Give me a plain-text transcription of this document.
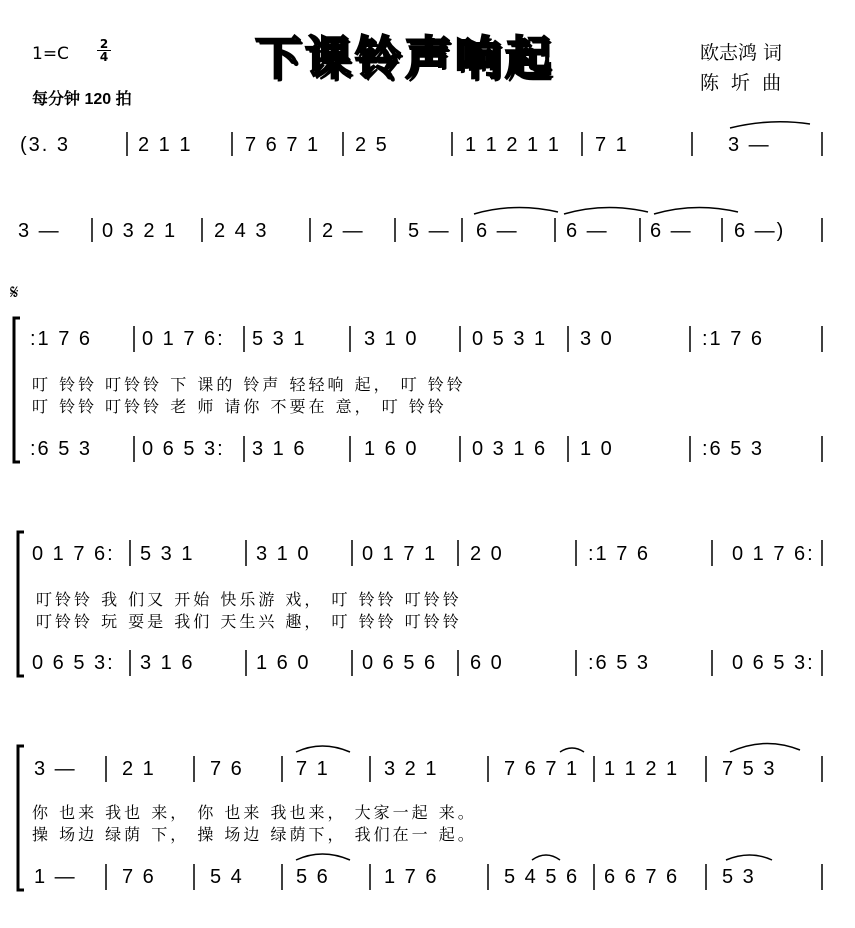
1=C	2
4
每分钟 120 拍
下课铃声响起	欧志鸿 词
陈 圻 曲
(3. 3	2 1 1	7 6 7 1 2 5	1 1 2 1 1 7 1	3 —
3 — 0 3 2 1 2 4 3	2 — 5 — 6 — 6 — 6 — 6 —)
𝄋
:1 7 6 0 1 7 6: 5 3 1	3 1 0	0 5 3 1 3 0	:1 7 6
叮 铃铃 叮铃铃 下 课的 铃声 轻轻响 起， 叮 铃铃
叮 铃铃 叮铃铃 老 师 请你 不要在 意， 叮 铃铃
:6 5 3 0 6 5 3: 3 1 6	1 6 0	0 3 1 6 1 0	:6 5 3
0 1 7 6: 5 3 1	3 1 0	0 1 7 1 2 0	:1 7 6	0 1 7 6:
叮铃铃 我 们又 开始 快乐游 戏， 叮 铃铃 叮铃铃
叮铃铃 玩 耍是 我们 天生兴 趣， 叮 铃铃 叮铃铃
0 6 5 3: 3 1 6	1 6 0	0 6 5 6 6 0	:6 5 3	0 6 5 3:
3 — 2 1	7 6	7 1	3 2 1	7 6 7 1 1 1 2 1 7 5 3
你 也来 我也 来， 你 也来 我也来， 大家一起 来。
操 场边 绿荫 下， 操 场边 绿荫下， 我们在一 起。
1 — 7 6	5 4	5 6	1 7 6	5 4 5 6 6 6 7 6 5 3
